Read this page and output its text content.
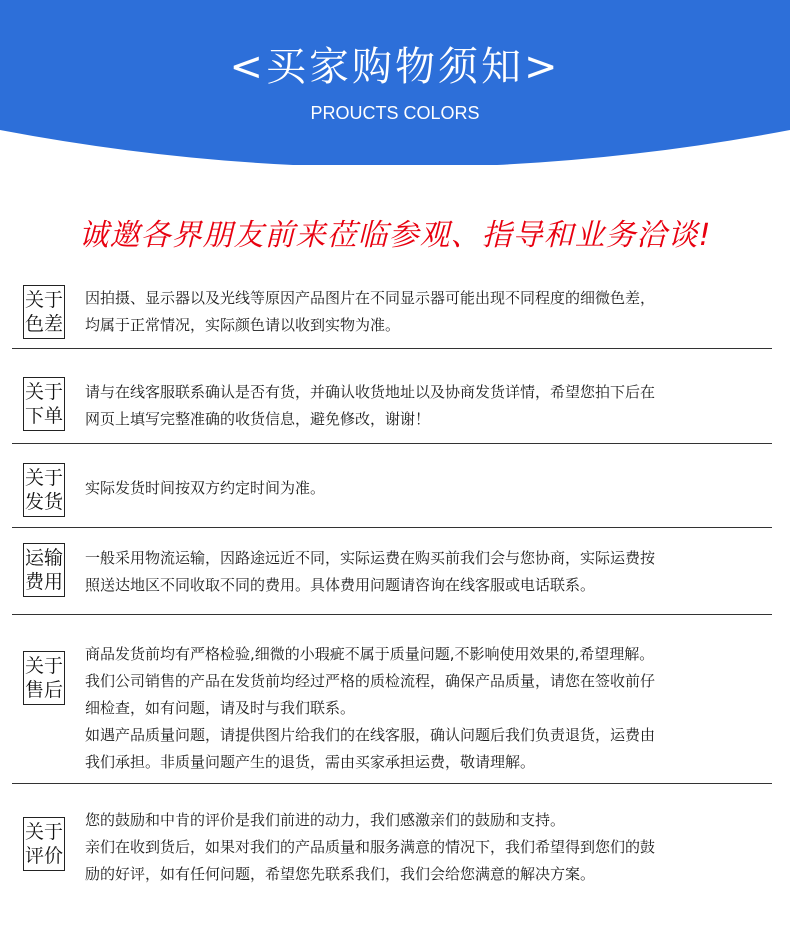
<买家购物须知>
PROUCTS COLORS
诚邀各界朋友前来莅临参观、指导和业务洽谈!
关于
色差

因拍摄、显示器以及光线等原因产品图片在不同显示器可能出现不同程度的细微色差，

均属于正常情况，实际颜色请以收到实物为准。

关于
下单

请与在线客服联系确认是否有货，并确认收货地址以及协商发货详情，希望您拍下后在

网页上填写完整准确的收货信息，避免修改，谢谢！

关于
发货

实际发货时间按双方约定时间为准。

运输
费用

一般采用物流运输，因路途远近不同，实际运费在购买前我们会与您协商，实际运费按

照送达地区不同收取不同的费用。具体费用问题请咨询在线客服或电话联系。

关于
售后

商品发货前均有严格检验,细微的小瑕疵不属于质量问题,不影响使用效果的,希望理解。

我们公司销售的产品在发货前均经过严格的质检流程，确保产品质量，请您在签收前仔

细检查，如有问题，请及时与我们联系。

如遇产品质量问题，请提供图片给我们的在线客服，确认问题后我们负责退货，运费由

我们承担。非质量问题产生的退货，需由买家承担运费，敬请理解。

关于
评价

您的鼓励和中肯的评价是我们前进的动力，我们感激亲们的鼓励和支持。

亲们在收到货后，如果对我们的产品质量和服务满意的情况下，我们希望得到您们的鼓

励的好评，如有任何问题，希望您先联系我们，我们会给您满意的解决方案。
